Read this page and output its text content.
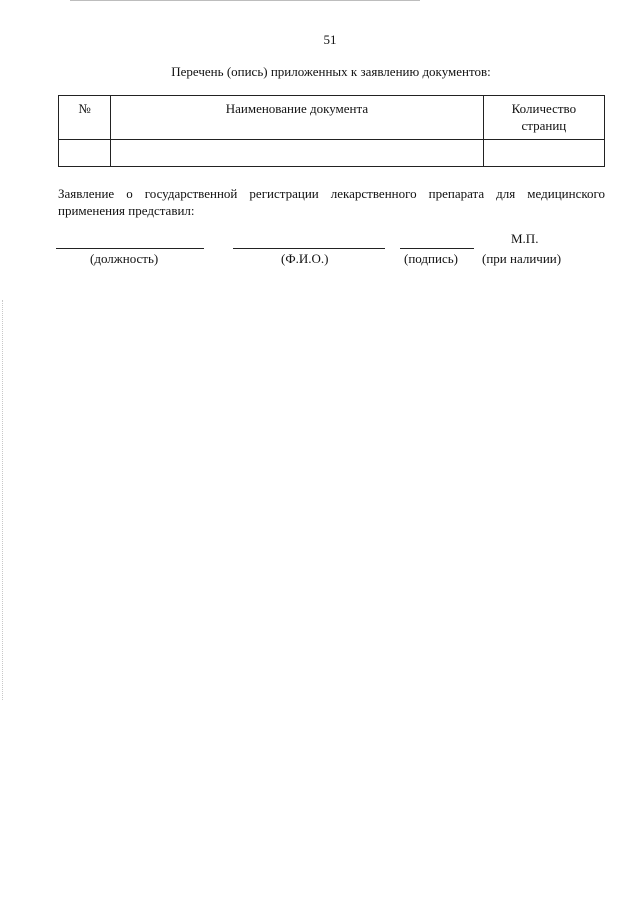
51
Перечень (опись) приложенных к заявлению документов:
№	Наименование документа	Количество
страниц

Заявление о государственной регистрации лекарственного препарата для медицинского применения представил:
(должность)	(Ф.И.О.)	(подпись)
М.П.
(при наличии)
